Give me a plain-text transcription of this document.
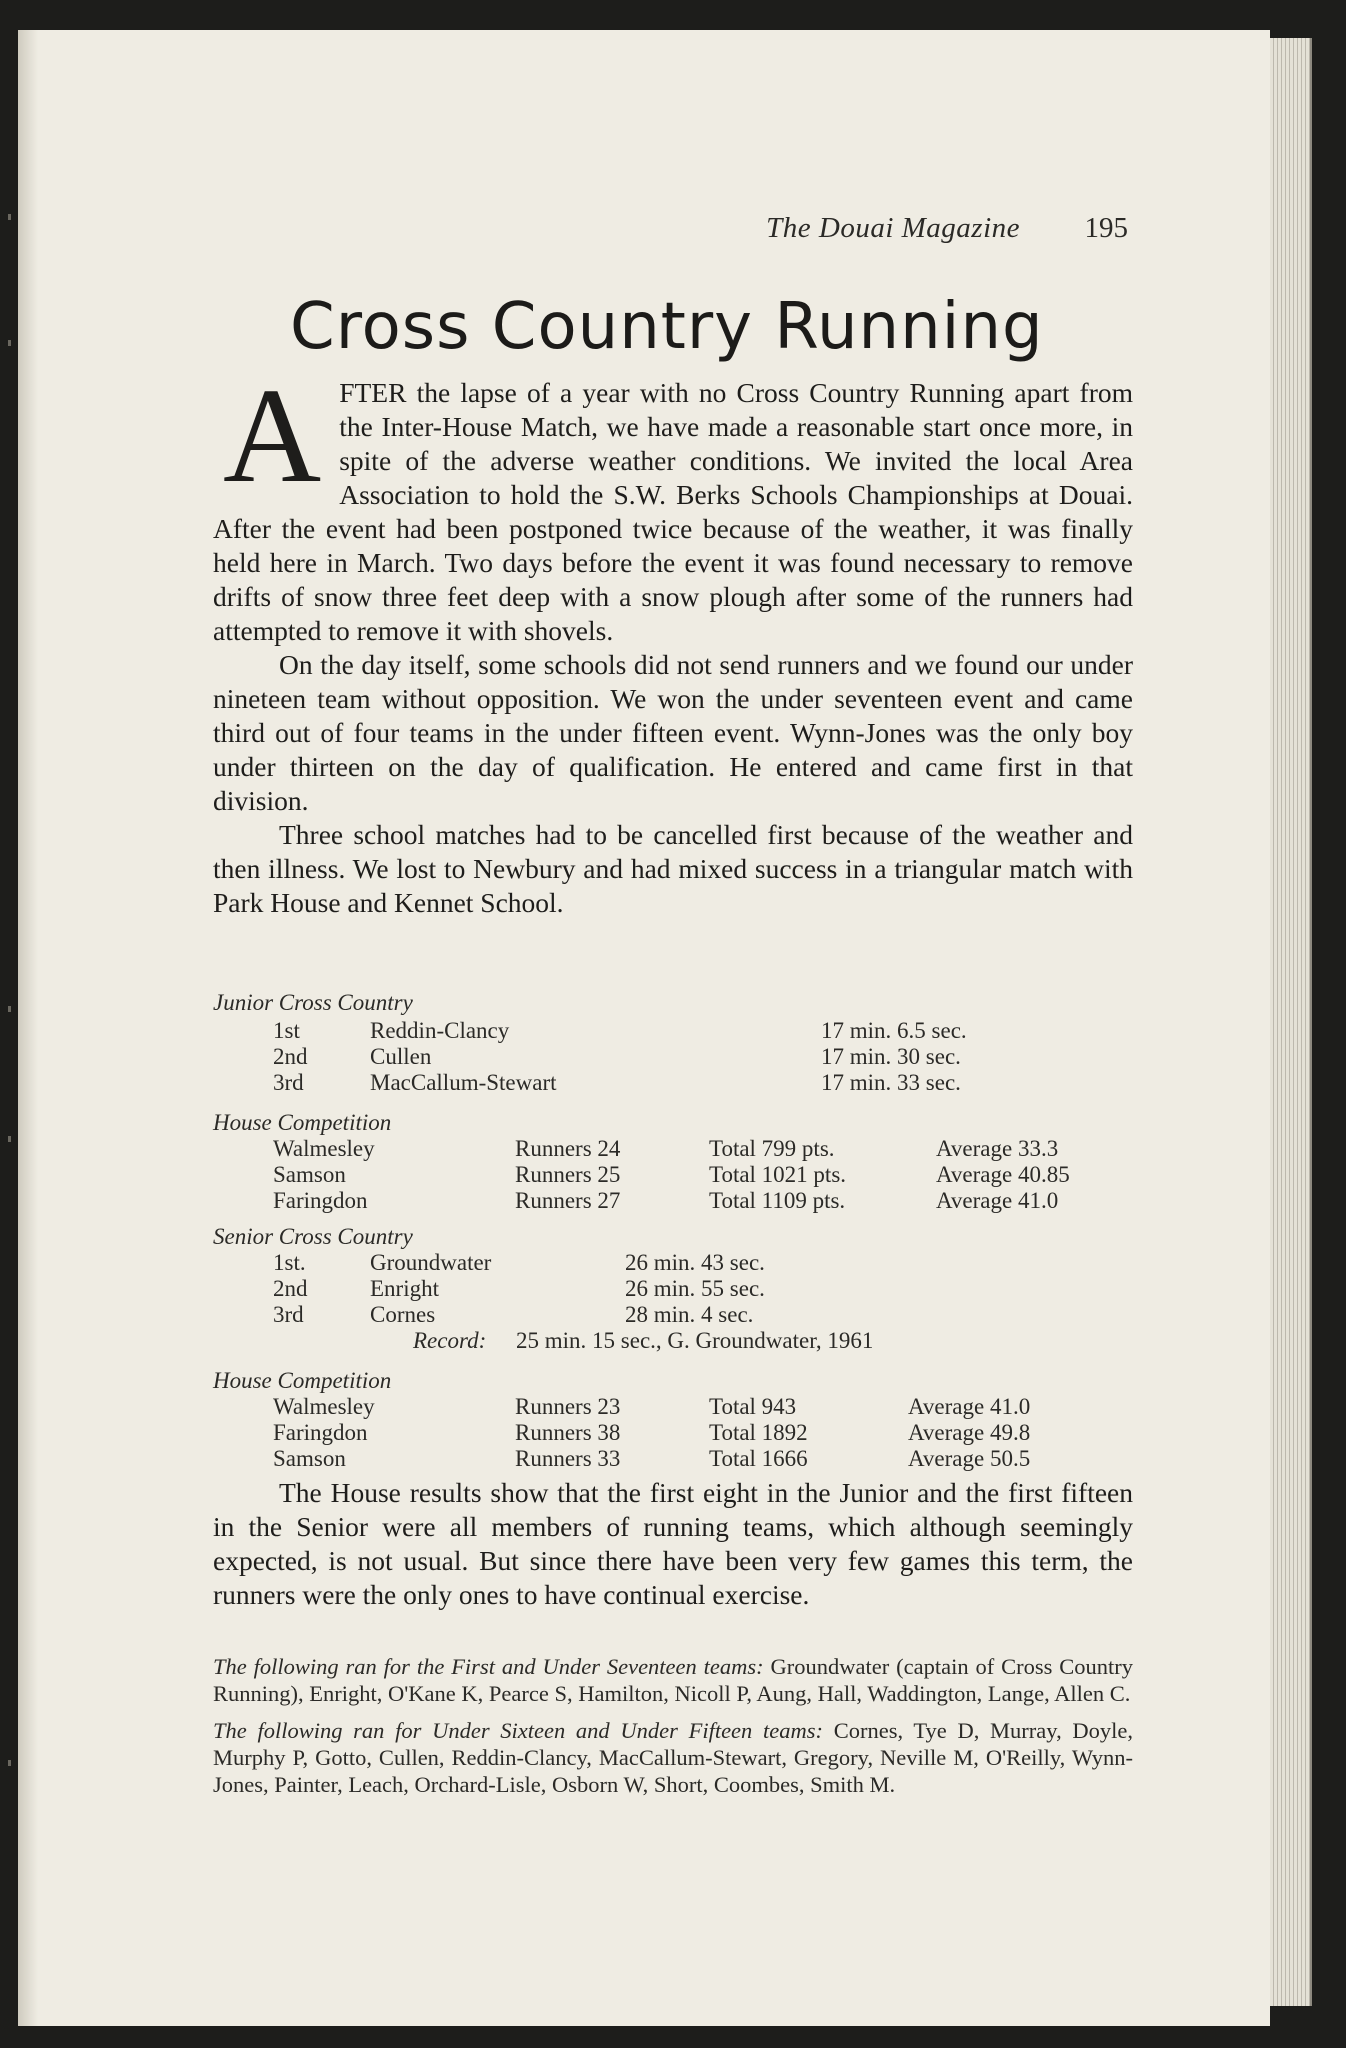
The Douai Magazine 195
Cross Country Running

AFTER the lapse of a year with no Cross Country Running apart from the Inter-House Match, we have made a reasonable start once more, in spite of the adverse weather conditions. We invited the local Area Association to hold the S.W. Berks Schools Championships at Douai. After the event had been postponed twice because of the weather, it was finally held here in March. Two days before the event it was found necessary to remove drifts of snow three feet deep with a snow plough after some of the runners had attempted to remove it with shovels.

On the day itself, some schools did not send runners and we found our under nineteen team without opposition. We won the under seventeen event and came third out of four teams in the under fifteen event. Wynn-Jones was the only boy under thirteen on the day of qualification. He entered and came first in that division.

Three school matches had to be cancelled first because of the weather and then illness. We lost to Newbury and had mixed success in a triangular match with Park House and Kennet School.

Junior Cross Country
1st	Reddin-Clancy	17 min. 6.5 sec.
2nd	Cullen	17 min. 30 sec.
3rd	MacCallum-Stewart	17 min. 33 sec.
House Competition
Walmesley	Runners 24	Total 799 pts.	Average 33.3
Samson	Runners 25	Total 1021 pts.	Average 40.85
Faringdon	Runners 27	Total 1109 pts.	Average 41.0
Senior Cross Country
1st.	Groundwater	26 min. 43 sec.
2nd	Enright	26 min. 55 sec.
3rd	Cornes	28 min. 4 sec.
Record: 25 min. 15 sec., G. Groundwater, 1961
House Competition
Walmesley	Runners 23	Total 943	Average 41.0
Faringdon	Runners 38	Total 1892	Average 49.8
Samson	Runners 33	Total 1666	Average 50.5

The House results show that the first eight in the Junior and the first fifteen in the Senior were all members of running teams, which although seemingly expected, is not usual. But since there have been very few games this term, the runners were the only ones to have continual exercise.

The following ran for the First and Under Seventeen teams: Groundwater (captain of Cross Country Running), Enright, O'Kane K, Pearce S, Hamilton, Nicoll P, Aung, Hall, Waddington, Lange, Allen C.

The following ran for Under Sixteen and Under Fifteen teams: Cornes, Tye D, Murray, Doyle, Murphy P, Gotto, Cullen, Reddin-Clancy, MacCallum-Stewart, Gregory, Neville M, O'Reilly, Wynn-Jones, Painter, Leach, Orchard-Lisle, Osborn W, Short, Coombes, Smith M.
